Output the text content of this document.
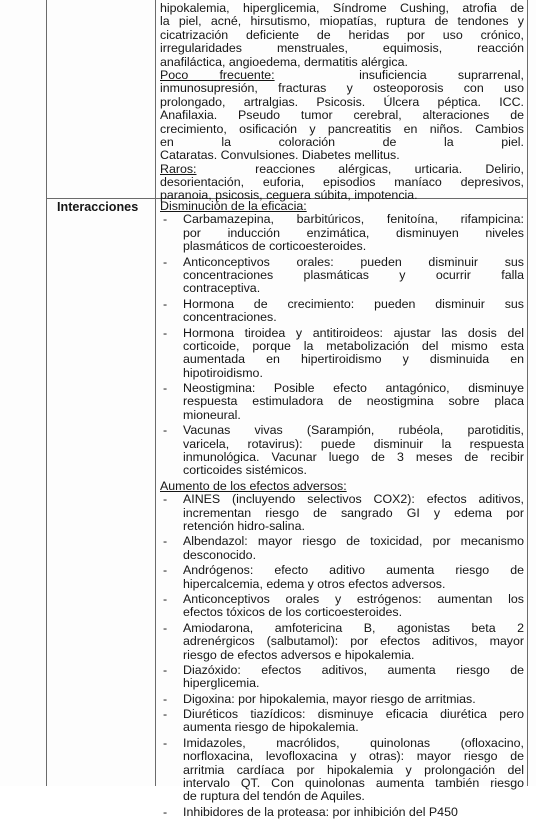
hipokalemia, hiperglicemia, Síndrome Cushing, atrofia de
la piel, acné, hirsutismo, miopatías, ruptura de tendones y
cicatrización deficiente de heridas por uso crónico,
irregularidades menstruales, equimosis, reacción
anafiláctica, angioedema, dermatitis alérgica.
Poco frecuente:	insuficiencia suprarrenal,
inmunosupresión, fracturas y osteoporosis con uso
prolongado, artralgias. Psicosis. Úlcera péptica. ICC.
Anafilaxia. Pseudo tumor cerebral, alteraciones de
crecimiento, osificación y pancreatitis en niños. Cambios
en la coloración de la piel.
Cataratas. Convulsiones. Diabetes mellitus.
Raros:	reacciones alérgicas, urticaria. Delirio,
desorientación, euforia, episodios maníaco depresivos,
paranoia, psicosis, ceguera súbita, impotencia.
Interacciones Disminución de la eficacia:
- Carbamazepina, barbitúricos, fenitoína, rifampicina:
por inducción enzimática, disminuyen niveles
plasmáticos de corticoesteroides.
- Anticonceptivos orales: pueden disminuir sus
concentraciones plasmáticas y ocurrir falla
contraceptiva.
- Hormona de crecimiento: pueden disminuir sus
concentraciones.
- Hormona tiroidea y antitiroideos: ajustar las dosis del
corticoide, porque la metabolización del mismo esta
aumentada en hipertiroidismo y disminuida en
hipotiroidismo.
- Neostigmina: Posible efecto antagónico, disminuye
respuesta estimuladora de neostigmina sobre placa
mioneural.
- Vacunas vivas (Sarampión, rubéola, parotiditis,
varicela, rotavirus): puede disminuir la respuesta
inmunológica. Vacunar luego de 3 meses de recibir
corticoides sistémicos.
Aumento de los efectos adversos:
- AINES (incluyendo selectivos COX2): efectos aditivos,
incrementan riesgo de sangrado GI y edema por
retención hidro-salina.
- Albendazol: mayor riesgo de toxicidad, por mecanismo
desconocido.
- Andrógenos: efecto aditivo aumenta riesgo de
hipercalcemia, edema y otros efectos adversos.
- Anticonceptivos orales y estrógenos: aumentan los
efectos tóxicos de los corticoesteroides.
- Amiodarona, amfotericina B, agonistas beta 2
adrenérgicos (salbutamol): por efectos aditivos, mayor
riesgo de efectos adversos e hipokalemia.
- Diazóxido: efectos aditivos, aumenta riesgo de
hiperglicemia.
- Digoxina: por hipokalemia, mayor riesgo de arritmias.
- Diuréticos tiazídicos: disminuye eficacia diurética pero
aumenta riesgo de hipokalemia.
- Imidazoles, macrólidos, quinolonas (ofloxacino,
norfloxacina, levofloxacina y otras): mayor riesgo de
arritmia cardíaca por hipokalemia y prolongación del
intervalo QT. Con quinolonas aumenta también riesgo
de ruptura del tendón de Aquiles.
- Inhibidores de la proteasa: por inhibición del P450
